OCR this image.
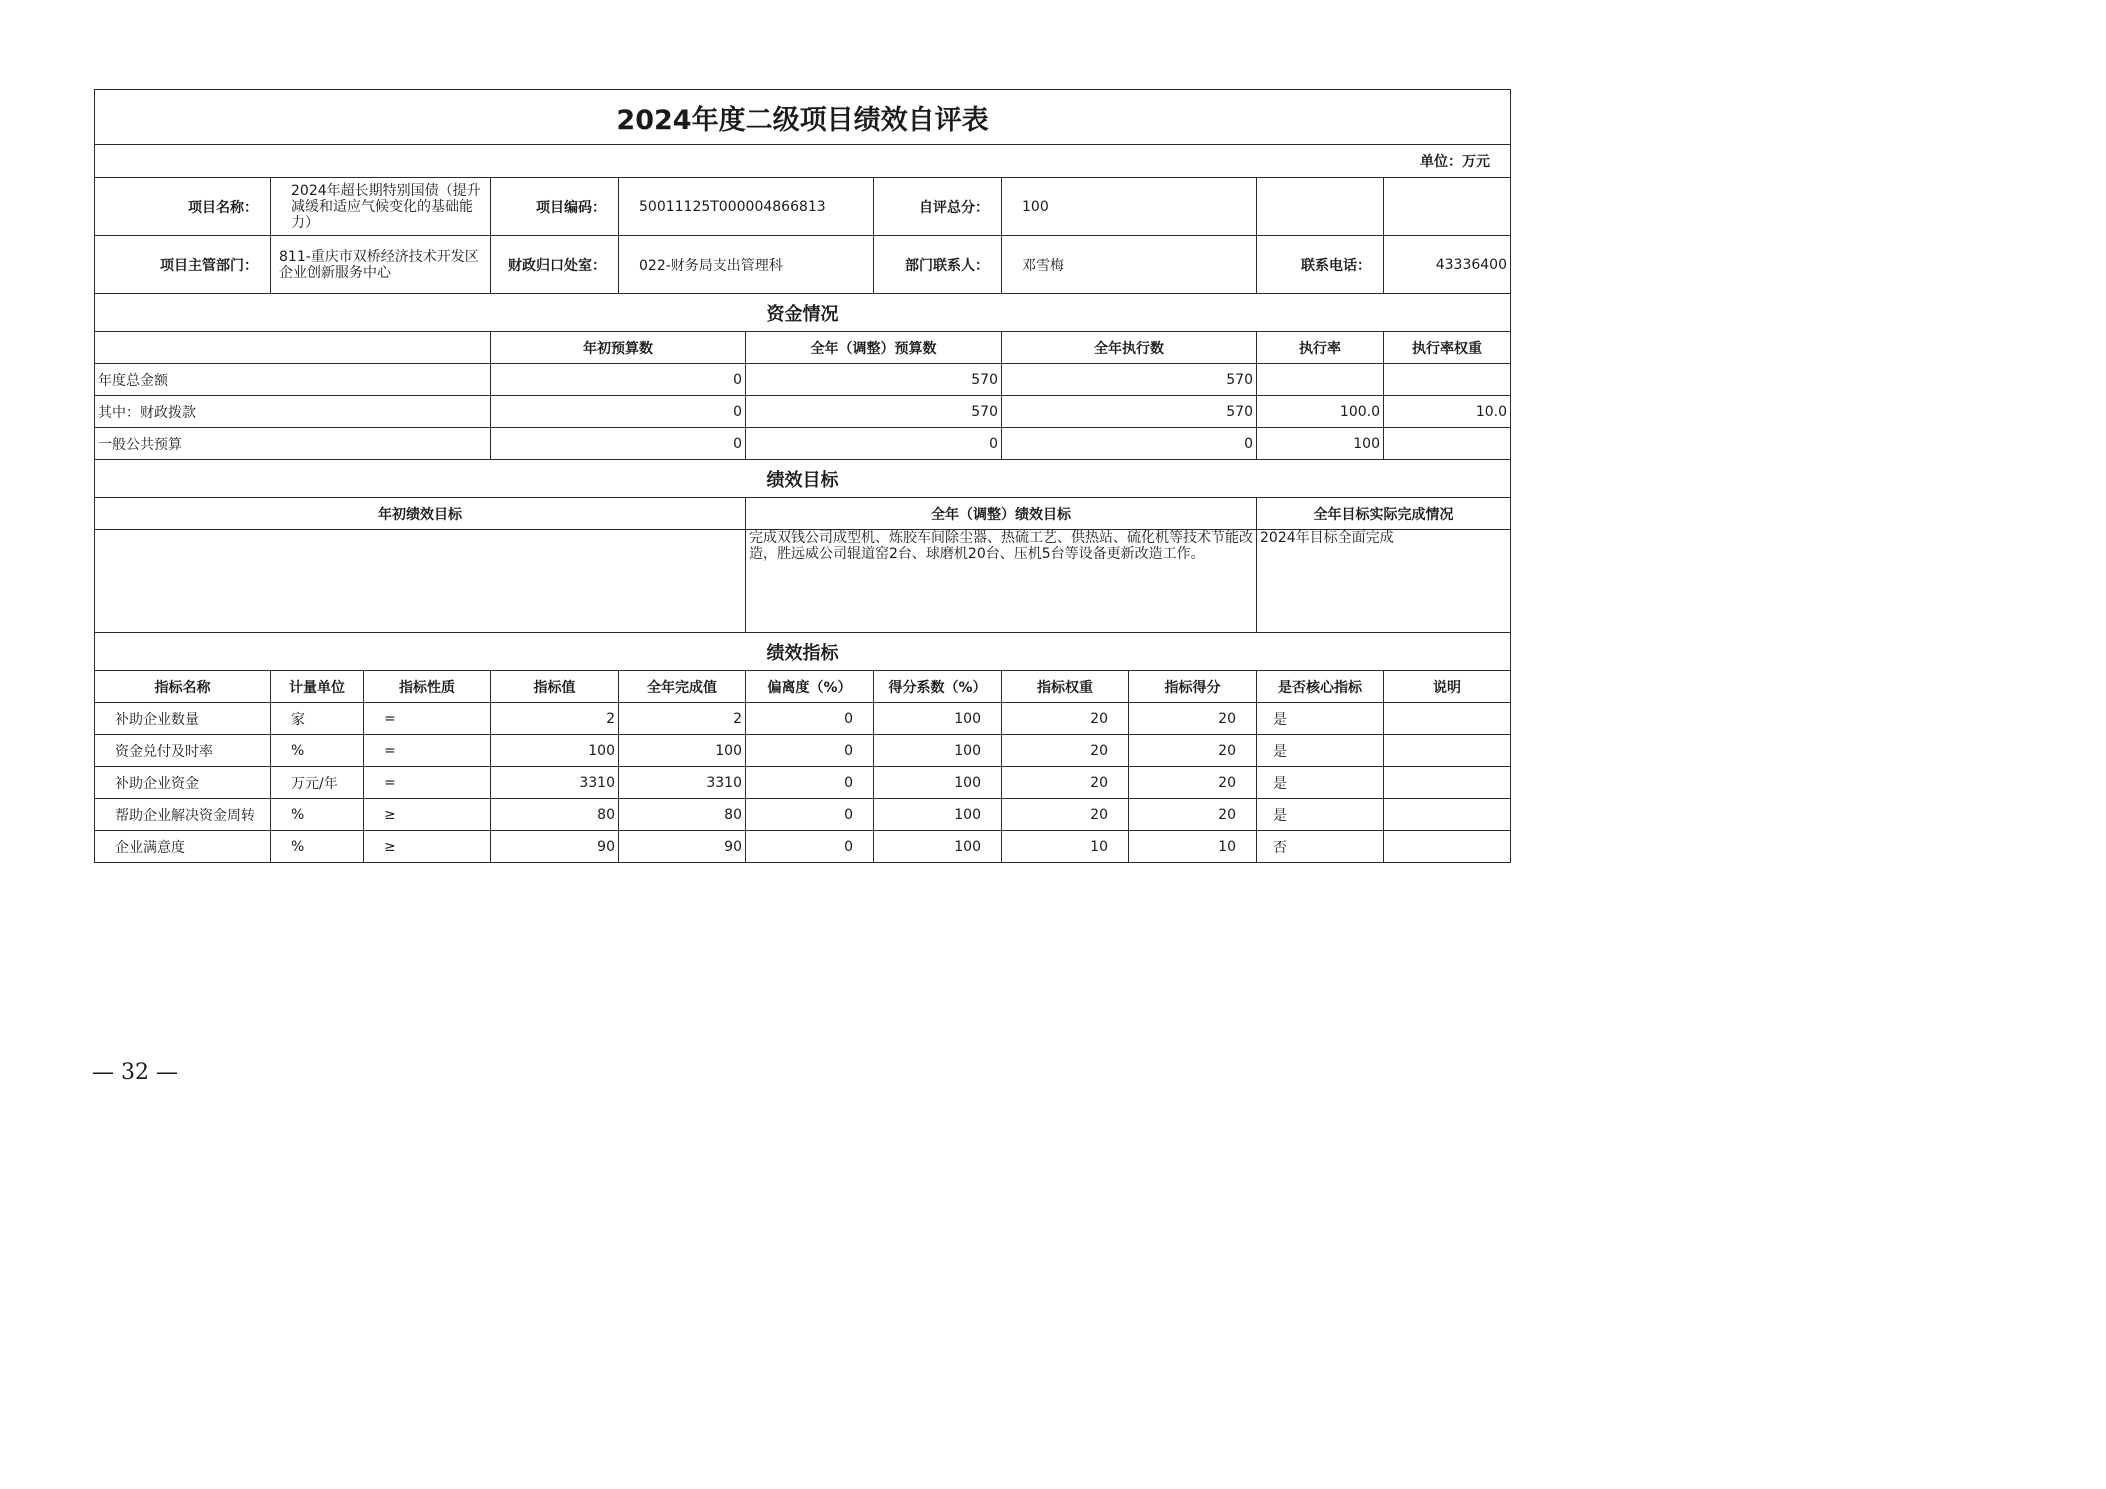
2024年度二级项目绩效自评表											
单位：万元											
项目名称：	2024年超长期特别国债（提升减缓和适应气候变化的基础能力）		项目编码：	50011125T000004866813		自评总分：	100				
项目主管部门：	811-重庆市双桥经济技术开发区企业创新服务中心		财政归口处室：	022-财务局支出管理科		部门联系人：	邓雪梅		联系电话：	43336400	
资金情况											
			年初预算数		全年（调整）预算数		全年执行数		执行率	执行率权重	
年度总金额			0		570		570				
其中：财政拨款			0		570		570		100.0	10.0	
一般公共预算			0		0		0		100		
绩效目标											
年初绩效目标					全年（调整）绩效目标				全年目标实际完成情况		
					完成双钱公司成型机、炼胶车间除尘器、热硫工艺、供热站、硫化机等技术节能改造，胜远威公司辊道窑2台、球磨机20台、压机5台等设备更新改造工作。				2024年目标全面完成		
绩效指标											
指标名称	计量单位	指标性质	指标值	全年完成值	偏离度（%）	得分系数（%）	指标权重	指标得分	是否核心指标	说明	
补助企业数量	家	=	2	2	0	100	20	20	是		
资金兑付及时率	%	=	100	100	0	100	20	20	是		
补助企业资金	万元/年	=	3310	3310	0	100	20	20	是		
帮助企业解决资金周转	%	≥	80	80	0	100	20	20	是		
企业满意度	%	≥	90	90	0	100	10	10	否		
— 32 —
